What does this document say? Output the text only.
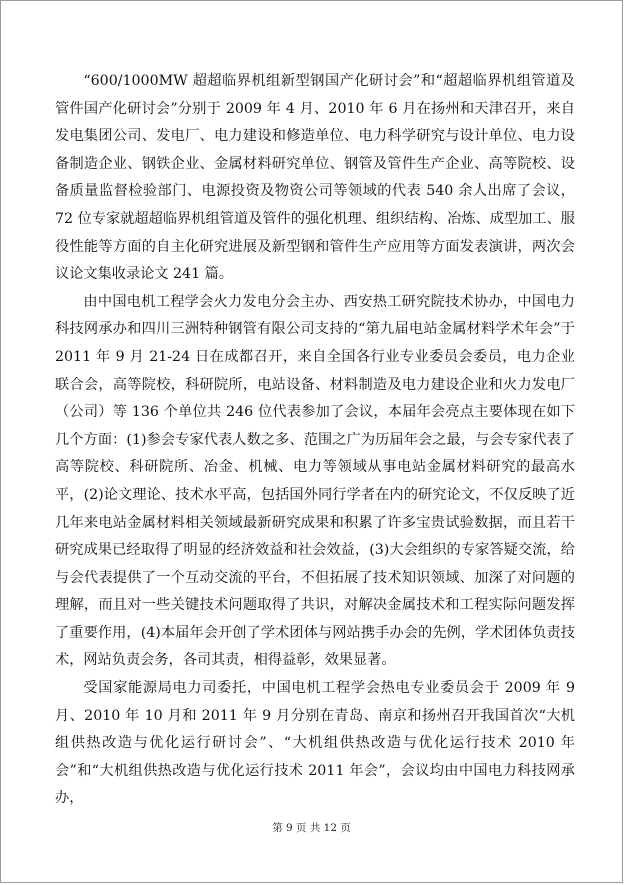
“600/1000MW 超超临界机组新型钢国产化研讨会”和“超超临界机组管道及管件国产化研讨会”分别于 2009 年 4 月、2010 年 6 月在扬州和天津召开，来自发电集团公司、发电厂、电力建设和修造单位、电力科学研究与设计单位、电力设备制造企业、钢铁企业、金属材料研究单位、钢管及管件生产企业、高等院校、设备质量监督检验部门、电源投资及物资公司等领域的代表 540 余人出席了会议，72 位专家就超超临界机组管道及管件的强化机理、组织结构、冶炼、成型加工、服役性能等方面的自主化研究进展及新型钢和管件生产应用等方面发表演讲，两次会议论文集收录论文 241 篇。

由中国电机工程学会火力发电分会主办、西安热工研究院技术协办，中国电力科技网承办和四川三洲特种钢管有限公司支持的“第九届电站金属材料学术年会”于 2011 年 9 月 21-24 日在成都召开，来自全国各行业专业委员会委员，电力企业联合会，高等院校，科研院所，电站设备、材料制造及电力建设企业和火力发电厂（公司）等 136 个单位共 246 位代表参加了会议，本届年会亮点主要体现在如下几个方面：(1)参会专家代表人数之多、范围之广为历届年会之最，与会专家代表了高等院校、科研院所、冶金、机械、电力等领域从事电站金属材料研究的最高水平，(2)论文理论、技术水平高，包括国外同行学者在内的研究论文，不仅反映了近几年来电站金属材料相关领域最新研究成果和积累了许多宝贵试验数据，而且若干研究成果已经取得了明显的经济效益和社会效益，(3)大会组织的专家答疑交流，给与会代表提供了一个互动交流的平台，不但拓展了技术知识领域、加深了对问题的理解，而且对一些关键技术问题取得了共识，对解决金属技术和工程实际问题发挥了重要作用，(4)本届年会开创了学术团体与网站携手办会的先例，学术团体负责技术，网站负责会务，各司其责，相得益彰，效果显著。

受国家能源局电力司委托，中国电机工程学会热电专业委员会于 2009 年 9 月、2010 年 10 月和 2011 年 9 月分别在青岛、南京和扬州召开我国首次“大机组供热改造与优化运行研讨会”、“大机组供热改造与优化运行技术 2010 年会”和“大机组供热改造与优化运行技术 2011 年会”，会议均由中国电力科技网承办，

第 9 页 共 12 页
